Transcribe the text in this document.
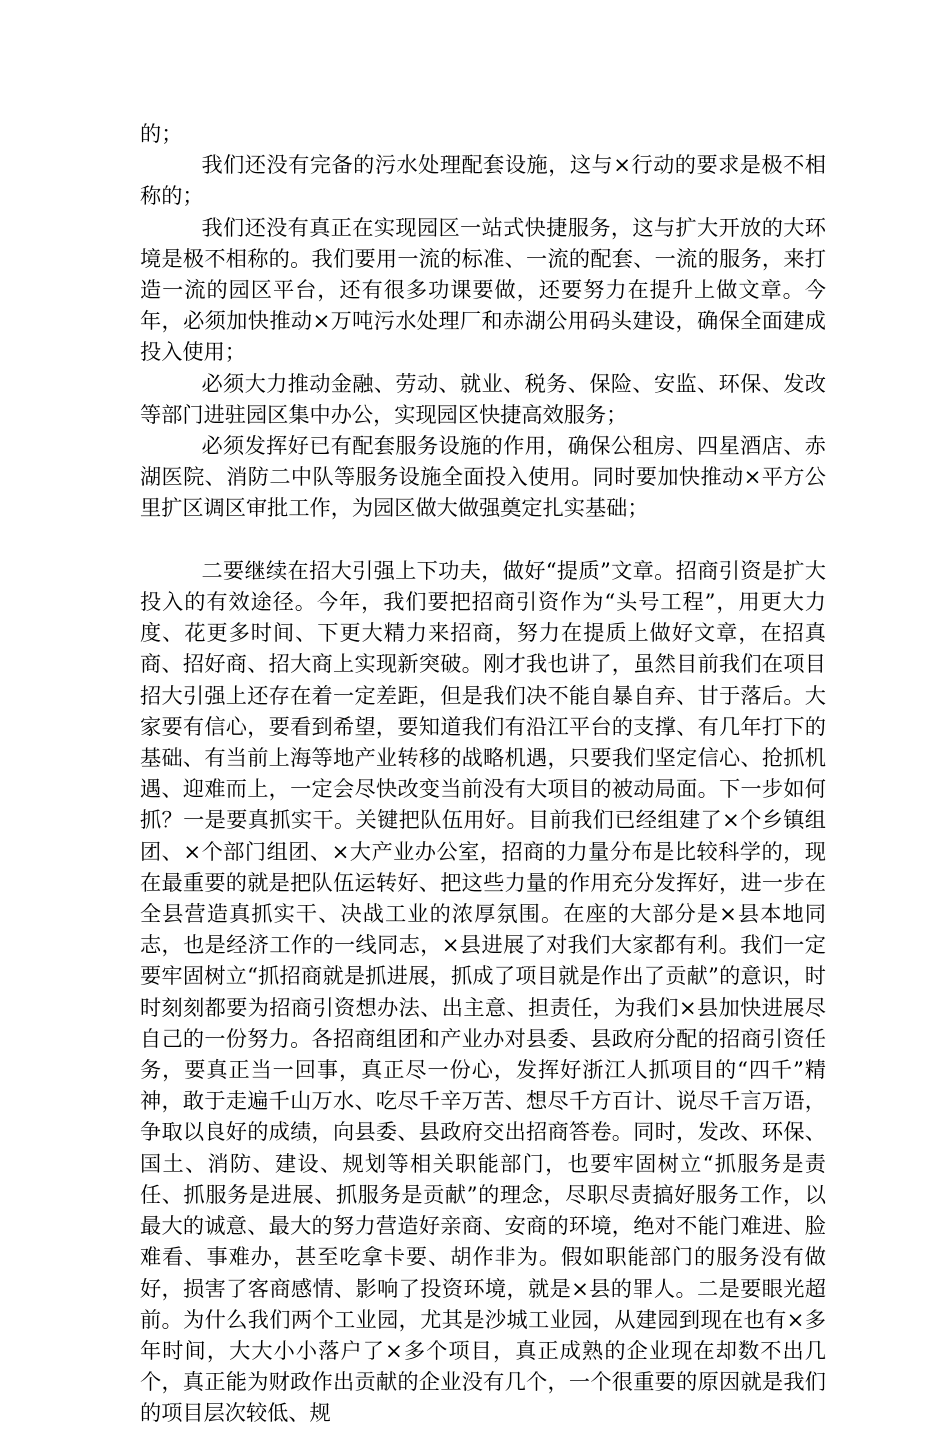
的；

我们还没有完备的污水处理配套设施，这与×行动的要求是极不相称的；

我们还没有真正在实现园区一站式快捷服务，这与扩大开放的大环境是极不相称的。我们要用一流的标准、一流的配套、一流的服务，来打造一流的园区平台，还有很多功课要做，还要努力在提升上做文章。今年，必须加快推动×万吨污水处理厂和赤湖公用码头建设，确保全面建成投入使用；

必须大力推动金融、劳动、就业、税务、保险、安监、环保、发改等部门进驻园区集中办公，实现园区快捷高效服务；

必须发挥好已有配套服务设施的作用，确保公租房、四星酒店、赤湖医院、消防二中队等服务设施全面投入使用。同时要加快推动×平方公里扩区调区审批工作，为园区做大做强奠定扎实基础；

二要继续在招大引强上下功夫，做好“提质”文章。招商引资是扩大投入的有效途径。今年，我们要把招商引资作为“头号工程”，用更大力度、花更多时间、下更大精力来招商，努力在提质上做好文章，在招真商、招好商、招大商上实现新突破。刚才我也讲了，虽然目前我们在项目招大引强上还存在着一定差距，但是我们决不能自暴自弃、甘于落后。大家要有信心，要看到希望，要知道我们有沿江平台的支撑、有几年打下的基础、有当前上海等地产业转移的战略机遇，只要我们坚定信心、抢抓机遇、迎难而上，一定会尽快改变当前没有大项目的被动局面。下一步如何抓？一是要真抓实干。关键把队伍用好。目前我们已经组建了×个乡镇组团、×个部门组团、×大产业办公室，招商的力量分布是比较科学的，现在最重要的就是把队伍运转好、把这些力量的作用充分发挥好，进一步在全县营造真抓实干、决战工业的浓厚氛围。在座的大部分是×县本地同志，也是经济工作的一线同志，×县进展了对我们大家都有利。我们一定要牢固树立“抓招商就是抓进展，抓成了项目就是作出了贡献”的意识，时时刻刻都要为招商引资想办法、出主意、担责任，为我们×县加快进展尽自己的一份努力。各招商组团和产业办对县委、县政府分配的招商引资任务，要真正当一回事，真正尽一份心，发挥好浙江人抓项目的“四千”精神，敢于走遍千山万水、吃尽千辛万苦、想尽千方百计、说尽千言万语，争取以良好的成绩，向县委、县政府交出招商答卷。同时，发改、环保、国土、消防、建设、规划等相关职能部门，也要牢固树立“抓服务是责任、抓服务是进展、抓服务是贡献”的理念，尽职尽责搞好服务工作，以最大的诚意、最大的努力营造好亲商、安商的环境，绝对不能门难进、脸难看、事难办，甚至吃拿卡要、胡作非为。假如职能部门的服务没有做好，损害了客商感情、影响了投资环境，就是×县的罪人。二是要眼光超前。为什么我们两个工业园，尤其是沙城工业园，从建园到现在也有×多年时间，大大小小落户了×多个项目，真正成熟的企业现在却数不出几个，真正能为财政作出贡献的企业没有几个，一个很重要的原因就是我们的项目层次较低、规
